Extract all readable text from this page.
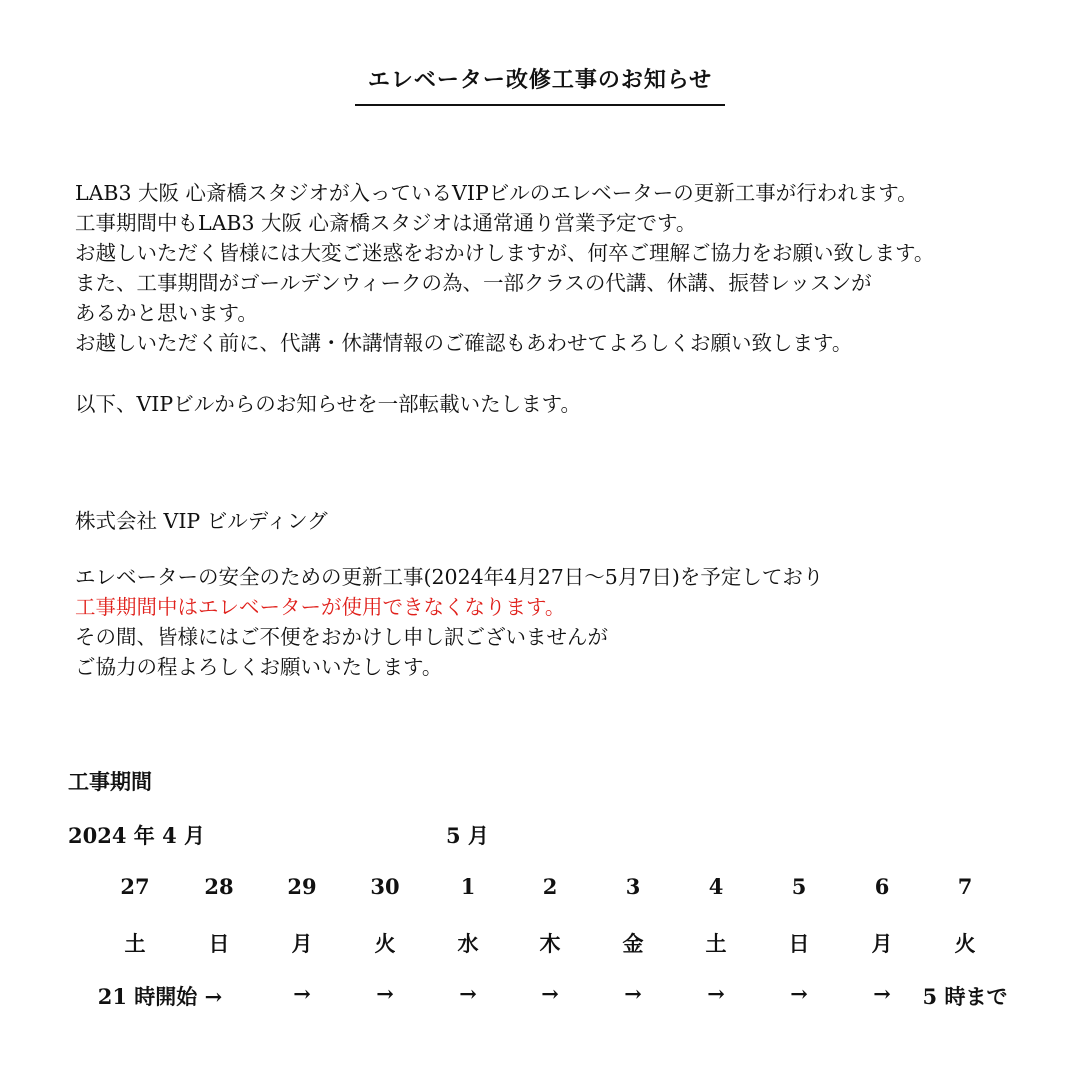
エレベーター改修工事のお知らせ

LAB3 大阪 心斎橋スタジオが入っているVIPビルのエレベーターの更新工事が行われます。

工事期間中もLAB3 大阪 心斎橋スタジオは通常通り営業予定です。

お越しいただく皆様には大変ご迷惑をおかけしますが、何卒ご理解ご協力をお願い致します。

また、工事期間がゴールデンウィークの為、一部クラスの代講、休講、振替レッスンが

あるかと思います。

お越しいただく前に、代講・休講情報のご確認もあわせてよろしくお願い致します。

以下、VIPビルからのお知らせを一部転載いたします。

株式会社 VIP ビルディング

エレベーターの安全のための更新工事(2024年4月27日〜5月7日)を予定しており

工事期間中はエレベーターが使用できなくなります。

その間、皆様にはご不便をおかけし申し訳ございませんが

ご協力の程よろしくお願いいたします。

工事期間
2024 年 4 月	5 月
27	28	29	30	1	2	3	4	5	6	7
土	日	月	火	水	木	金	土	日	月	火
21 時開始 →	→	→	→	→	→	→	→	→ 5 時まで
